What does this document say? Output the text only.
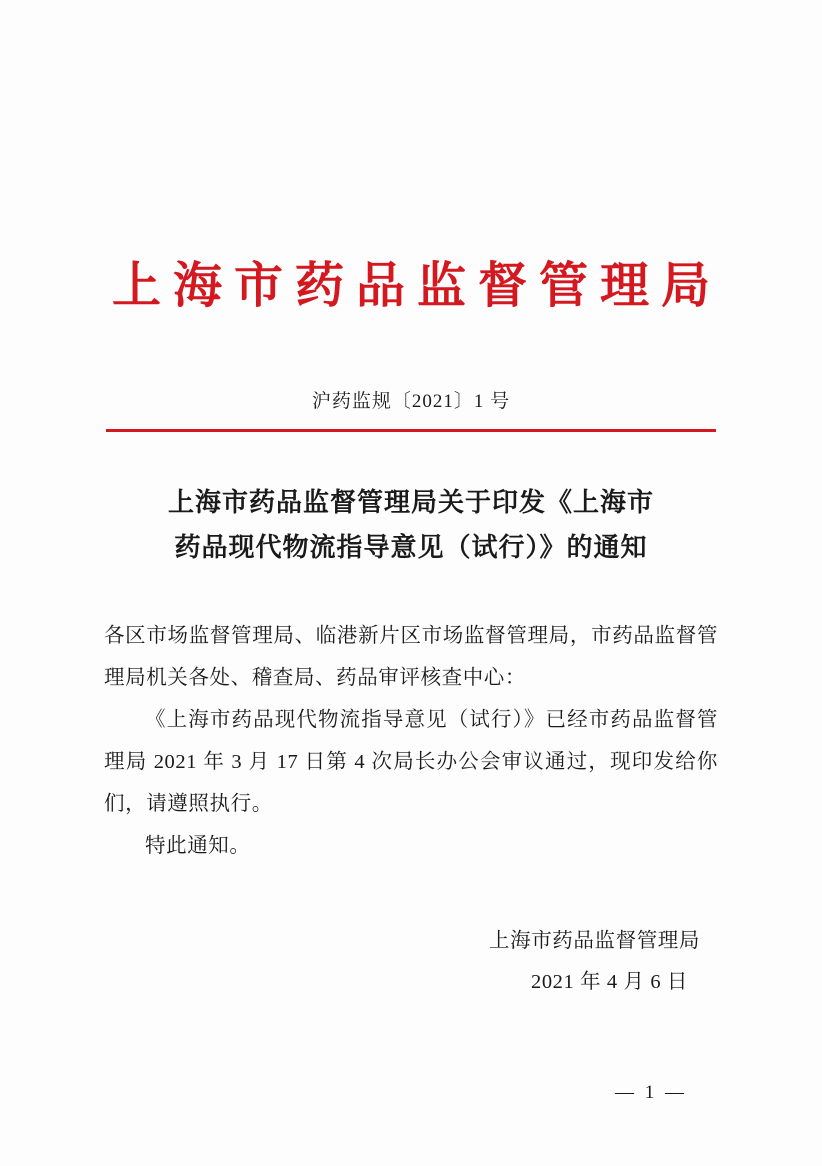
上海市药品监督管理局
沪药监规〔2021〕1 号
上海市药品监督管理局关于印发《上海市
药品现代物流指导意见（试行）》的通知

各区市场监督管理局、临港新片区市场监督管理局，市药品监督管理局机关各处、稽查局、药品审评核查中心：

《上海市药品现代物流指导意见（试行）》已经市药品监督管理局 2021 年 3 月 17 日第 4 次局长办公会审议通过，现印发给你们，请遵照执行。

特此通知。

上海市药品监督管理局
2021 年 4 月 6 日
— 1 —
